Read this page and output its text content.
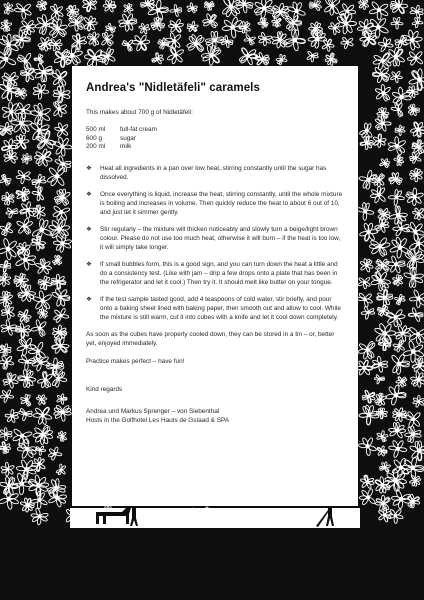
Andrea's "Nidletäfeli" caramels

This makes about 700 g of Nidletäfeli:

500 ml	full-fat cream
600 g	sugar
200 ml	milk
❖	Heat all ingredients in a pan over low heat, stirring constantly until the sugar has dissolved.
❖	Once everything is liquid, increase the heat, stirring constantly, until the whole mixture is boiling and increases in volume. Then quickly reduce the heat to about 6 out of 10, and just let it simmer gently.
❖	Stir regularly – the mixture will thicken noticeably and slowly turn a beige/light brown colour. Please do not use too much heat, otherwise it will burn – if the heat is too low, it will simply take longer.
❖	If small bubbles form, this is a good sign, and you can turn down the heat a little and do a consistency test. (Like with jam – drip a few drops onto a plate that has been in the refrigerator and let it cool.) Then try it. It should melt like butter on your tongue.
❖	If the test sample tasted good, add 4 teaspoons of cold water, stir briefly, and pour onto a baking sheet lined with baking paper, then smooth out and allow to cool. While the mixture is still warm, cut it into cubes with a knife and let it cool down completely.

As soon as the cubes have properly cooled down, they can be stored in a tin – or, better yet, enjoyed immediately.

Practice makes perfect – have fun!

Kind regards

Andrea und Markus Sprenger – von Siebenthal

Hosts in the Golfhotel Les Hauts de Gstaad & SPA
